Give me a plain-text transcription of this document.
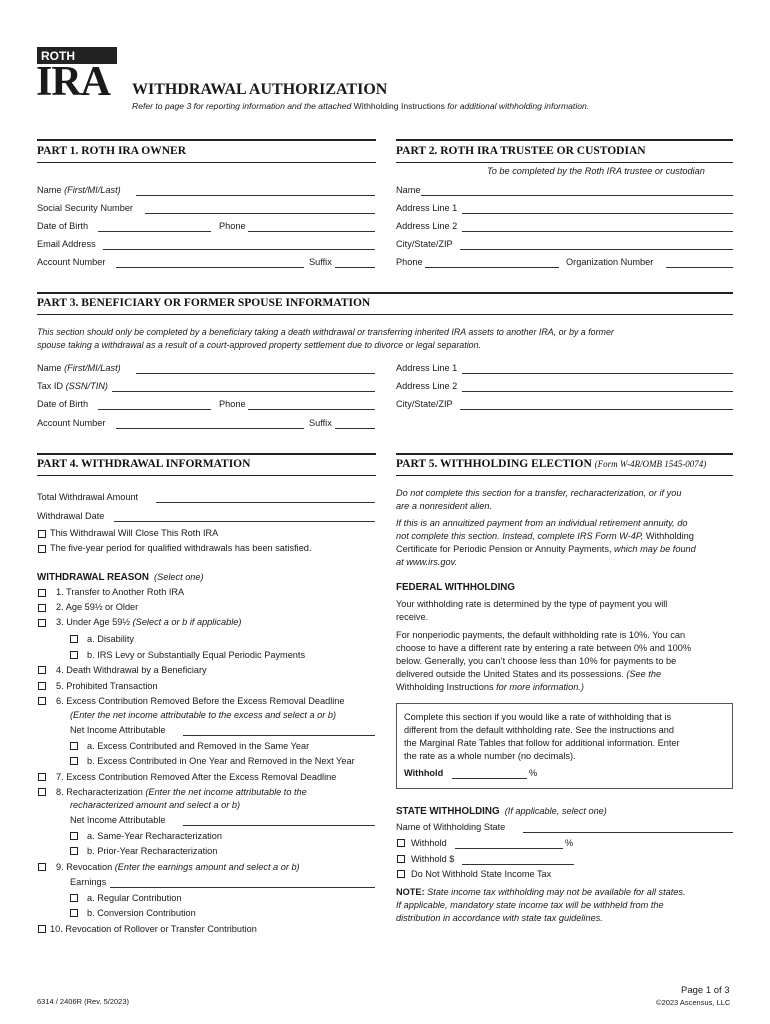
ROTH
IRA WITHDRAWAL AUTHORIZATION
Refer to page 3 for reporting information and the attached Withholding Instructions for additional withholding information.
PART 1. ROTH IRA OWNER
Name (First/MI/Last)
Social Security Number
Date of Birth	Phone
Email Address
Account Number	Suffix
PART 2. ROTH IRA TRUSTEE OR CUSTODIAN
To be completed by the Roth IRA trustee or custodian
Name
Address Line 1
Address Line 2
City/State/ZIP
Phone	Organization Number
PART 3. BENEFICIARY OR FORMER SPOUSE INFORMATION
This section should only be completed by a beneficiary taking a death withdrawal or transferring inherited IRA assets to another IRA, or by a former
spouse taking a withdrawal as a result of a court-approved property settlement due to divorce or legal separation.
Name (First/MI/Last)
Tax ID (SSN/TIN)
Date of Birth	Phone
Account Number	Suffix
Address Line 1
Address Line 2
City/State/ZIP
PART 4. WITHDRAWAL INFORMATION
Total Withdrawal Amount
Withdrawal Date
This Withdrawal Will Close This Roth IRA
The five-year period for qualified withdrawals has been satisfied.
WITHDRAWAL REASON (Select one)
1. Transfer to Another Roth IRA
2. Age 59½ or Older
3. Under Age 59½ (Select a or b if applicable)
a. Disability
b. IRS Levy or Substantially Equal Periodic Payments
4. Death Withdrawal by a Beneficiary
5. Prohibited Transaction
6. Excess Contribution Removed Before the Excess Removal Deadline
(Enter the net income attributable to the excess and select a or b)
Net Income Attributable
a. Excess Contributed and Removed in the Same Year
b. Excess Contributed in One Year and Removed in the Next Year
7. Excess Contribution Removed After the Excess Removal Deadline
8. Recharacterization (Enter the net income attributable to the
recharacterized amount and select a or b)
Net Income Attributable
a. Same-Year Recharacterization
b. Prior-Year Recharacterization
9. Revocation (Enter the earnings amount and select a or b)
Earnings
a. Regular Contribution
b. Conversion Contribution
10. Revocation of Rollover or Transfer Contribution
PART 5. WITHHOLDING ELECTION (Form W-4R/OMB 1545-0074)
Do not complete this section for a transfer, recharacterization, or if you
are a nonresident alien.
If this is an annuitized payment from an individual retirement annuity, do
not complete this section. Instead, complete IRS Form W-4P, Withholding
Certificate for Periodic Pension or Annuity Payments, which may be found
at www.irs.gov.
FEDERAL WITHHOLDING
Your withholding rate is determined by the type of payment you will
receive.
For nonperiodic payments, the default withholding rate is 10%. You can
choose to have a different rate by entering a rate between 0% and 100%
below. Generally, you can’t choose less than 10% for payments to be
delivered outside the United States and its possessions. (See the
Withholding Instructions for more information.)
Complete this section if you would like a rate of withholding that is
different from the default withholding rate. See the instructions and
the Marginal Rate Tables that follow for additional information. Enter
the rate as a whole number (no decimals).
Withhold	%
STATE WITHHOLDING (If applicable, select one)
Name of Withholding State
Withhold	%
Withhold $
Do Not Withhold State Income Tax
NOTE: State income tax withholding may not be available for all states.
If applicable, mandatory state income tax will be withheld from the
distribution in accordance with state tax guidelines.
6314 / 2406R (Rev. 5/2023)
Page 1 of 3
©2023 Ascensus, LLC
